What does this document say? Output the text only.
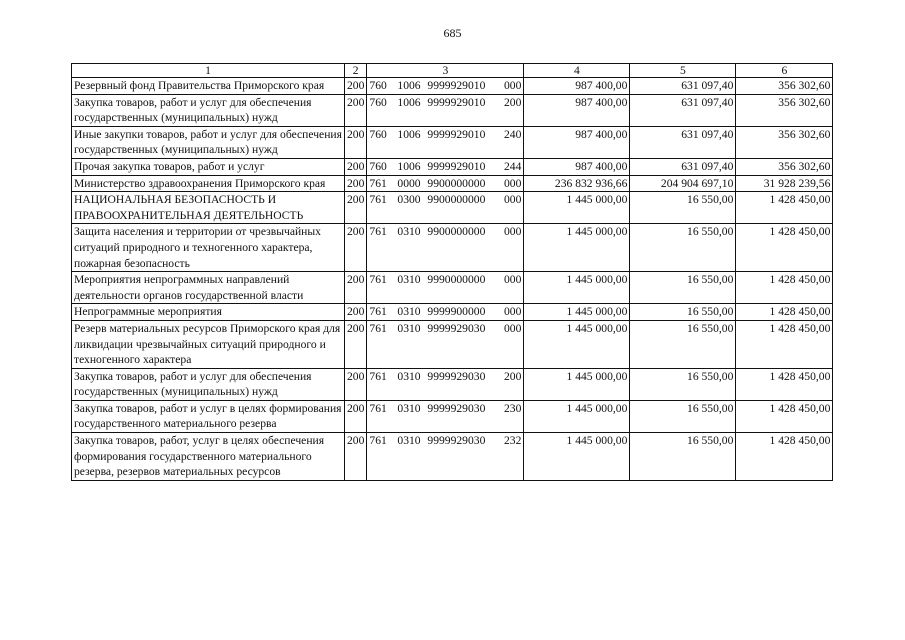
685
1	2	3	4	5	6
Резервный фонд Правительства Приморского края	200	760 1006 9999929010 000	987 400,00	631 097,40	356 302,60
Закупка товаров, работ и услуг для обеспечения государственных (муниципальных) нужд	200	760 1006 9999929010 200	987 400,00	631 097,40	356 302,60
Иные закупки товаров, работ и услуг для обеспечения государственных (муниципальных) нужд	200	760 1006 9999929010 240	987 400,00	631 097,40	356 302,60
Прочая закупка товаров, работ и услуг	200	760 1006 9999929010 244	987 400,00	631 097,40	356 302,60
Министерство здравоохранения Приморского края	200	761 0000 9900000000 000	236 832 936,66	204 904 697,10	31 928 239,56
НАЦИОНАЛЬНАЯ БЕЗОПАСНОСТЬ И ПРАВООХРАНИТЕЛЬНАЯ ДЕЯТЕЛЬНОСТЬ	200	761 0300 9900000000 000	1 445 000,00	16 550,00	1 428 450,00
Защита населения и территории от чрезвычайных ситуаций природного и техногенного характера, пожарная безопасность	200	761 0310 9900000000 000	1 445 000,00	16 550,00	1 428 450,00
Мероприятия непрограммных направлений деятельности органов государственной власти	200	761 0310 9990000000 000	1 445 000,00	16 550,00	1 428 450,00
Непрограммные мероприятия	200	761 0310 9999900000 000	1 445 000,00	16 550,00	1 428 450,00
Резерв материальных ресурсов Приморского края для ликвидации чрезвычайных ситуаций природного и техногенного характера	200	761 0310 9999929030 000	1 445 000,00	16 550,00	1 428 450,00
Закупка товаров, работ и услуг для обеспечения государственных (муниципальных) нужд	200	761 0310 9999929030 200	1 445 000,00	16 550,00	1 428 450,00
Закупка товаров, работ и услуг в целях формирования государственного материального резерва	200	761 0310 9999929030 230	1 445 000,00	16 550,00	1 428 450,00
Закупка товаров, работ, услуг в целях обеспечения формирования государственного материального резерва, резервов материальных ресурсов	200	761 0310 9999929030 232	1 445 000,00	16 550,00	1 428 450,00
